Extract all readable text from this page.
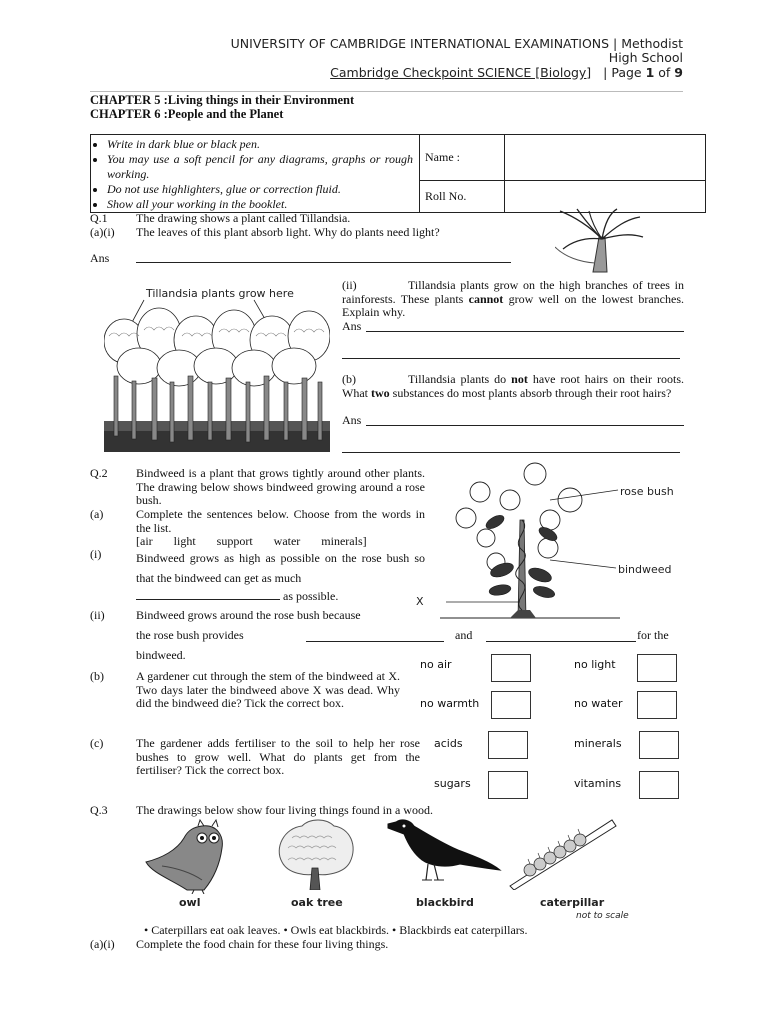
UNIVERSITY OF CAMBRIDGE INTERNATIONAL EXAMINATIONS | Methodist
High School
Cambridge Checkpoint SCIENCE [Biology] | Page 1 of 9
CHAPTER 5 :Living things in their Environment
CHAPTER 6 :People and the Planet
• Write in dark blue or black pen.
• You may use a soft pencil for any diagrams, graphs or rough working.
• Do not use highlighters, glue or correction fluid.
• Show all your working in the booklet.
Name :
Roll No.
Q.1 The drawing shows a plant called Tillandsia.
(a)(i) The leaves of this plant absorb light. Why do plants need light?
Ans
Tillandsia plants grow here
(ii)	Tillandsia plants grow on the high branches of trees in rainforests. These plants cannot grow well on the lowest branches. Explain why.
Ans
(b)	Tillandsia plants do not have root hairs on their roots. What two substances do most plants absorb through their root hairs?
Ans
Q.2 Bindweed is a plant that grows tightly around other plants. The drawing below shows bindweed growing around a rose bush.
(a)	Complete the sentences below. Choose from the words in the list.
[air       light       support       water       minerals]
(i)	Bindweed grows as high as possible on the rose bush so that the bindweed can get as much
as possible.
(ii)	Bindweed grows around the rose bush because
the rose bush provides	and	for the
bindweed.
rose bush
bindweed
X
(b)	A gardener cut through the stem of the bindweed at X. Two days later the bindweed above X was dead. Why did the bindweed die? Tick the correct box.
no air	no light
no warmth	no water
(c)	The gardener adds fertiliser to the soil to help her rose bushes to grow well. What do plants get from the fertiliser? Tick the correct box.
acids	minerals
sugars	vitamins
Q.3 The drawings below show four living things found in a wood.
owl	oak tree	blackbird	caterpillar
not to scale
• Caterpillars eat oak leaves. • Owls eat blackbirds. • Blackbirds eat caterpillars.
(a)(i) Complete the food chain for these four living things.
